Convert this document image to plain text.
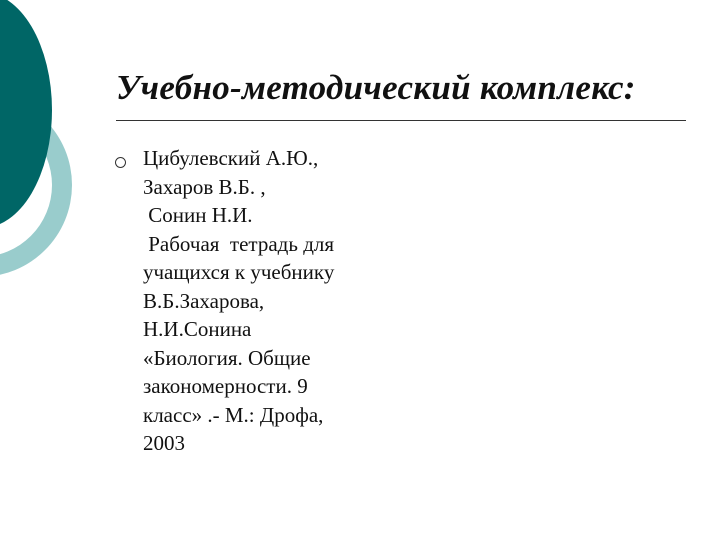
Учебно-методический комплекс:
Цибулевский А.Ю.,
Захаров В.Б. ,
Сонин Н.И.
Рабочая  тетрадь для
учащихся к учебнику
В.Б.Захарова,
Н.И.Сонина
«Биология. Общие
закономерности. 9
класс» .- М.: Дрофа,
2003
